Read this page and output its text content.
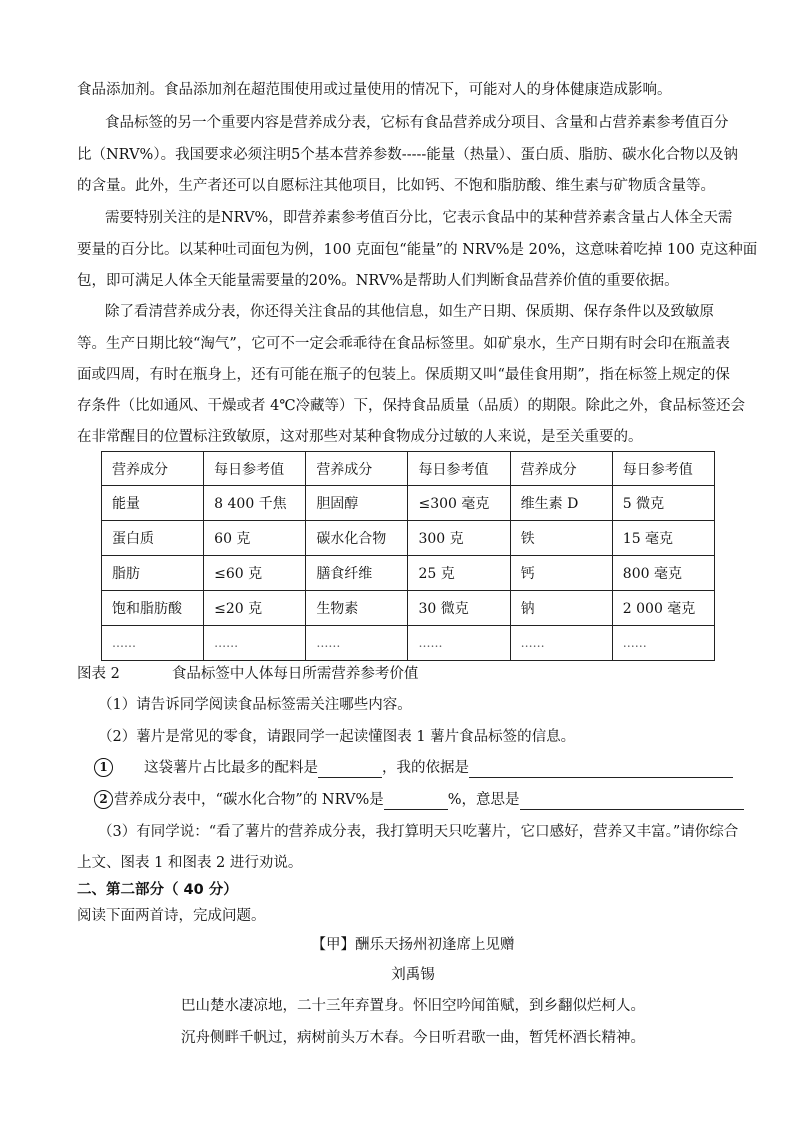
食品添加剂。食品添加剂在超范围使用或过量使用的情况下，可能对人的身体健康造成影响。
食品标签的另一个重要内容是营养成分表，它标有食品营养成分项目、含量和占营养素参考值百分
比（NRV%）。我国要求必须注明5个基本营养参数-----能量（热量）、蛋白质、脂肪、碳水化合物以及钠
的含量。此外，生产者还可以自愿标注其他项目，比如钙、不饱和脂肪酸、维生素与矿物质含量等。
需要特别关注的是NRV%，即营养素参考值百分比，它表示食品中的某种营养素含量占人体全天需
要量的百分比。以某种吐司面包为例，100 克面包“能量”的 NRV%是 20%，这意味着吃掉 100 克这种面
包，即可满足人体全天能量需要量的20%。NRV%是帮助人们判断食品营养价值的重要依据。
除了看清营养成分表，你还得关注食品的其他信息，如生产日期、保质期、保存条件以及致敏原
等。生产日期比较“淘气”，它可不一定会乖乖待在食品标签里。如矿泉水，生产日期有时会印在瓶盖表
面或四周，有时在瓶身上，还有可能在瓶子的包装上。保质期又叫“最佳食用期”，指在标签上规定的保
存条件（比如通风、干燥或者 4℃冷藏等）下，保持食品质量（品质）的期限。除此之外，食品标签还会
在非常醒目的位置标注致敏原，这对那些对某种食物成分过敏的人来说，是至关重要的。
营养成分	每日参考值	营养成分	每日参考值	营养成分	每日参考值
能量	8 400 千焦	胆固醇	≤300 毫克	维生素 D	5 微克
蛋白质	60 克	碳水化合物	300 克	铁	15 毫克
脂肪	≤60 克	膳食纤维	25 克	钙	800 毫克
饱和脂肪酸	≤20 克	生物素	30 微克	钠	2 000 毫克
……	……	……	……	……	……
图表 2	食品标签中人体每日所需营养参考价值
（1）请告诉同学阅读食品标签需关注哪些内容。
（2）薯片是常见的零食，请跟同学一起读懂图表 1 薯片食品标签的信息。
1	这袋薯片占比最多的配料是	，我的依据是
2 营养成分表中，“碳水化合物”的 NRV%是	%，意思是
（3）有同学说：“看了薯片的营养成分表，我打算明天只吃薯片，它口感好，营养又丰富。”请你综合
上文、图表 1 和图表 2 进行劝说。
二、第二部分（ 40 分）
阅读下面两首诗，完成问题。
【甲】酬乐天扬州初逢席上见赠
刘禹锡
巴山楚水凄凉地，二十三年弃置身。怀旧空吟闻笛赋，到乡翻似烂柯人。
沉舟侧畔千帆过，病树前头万木春。今日听君歌一曲，暂凭杯酒长精神。
